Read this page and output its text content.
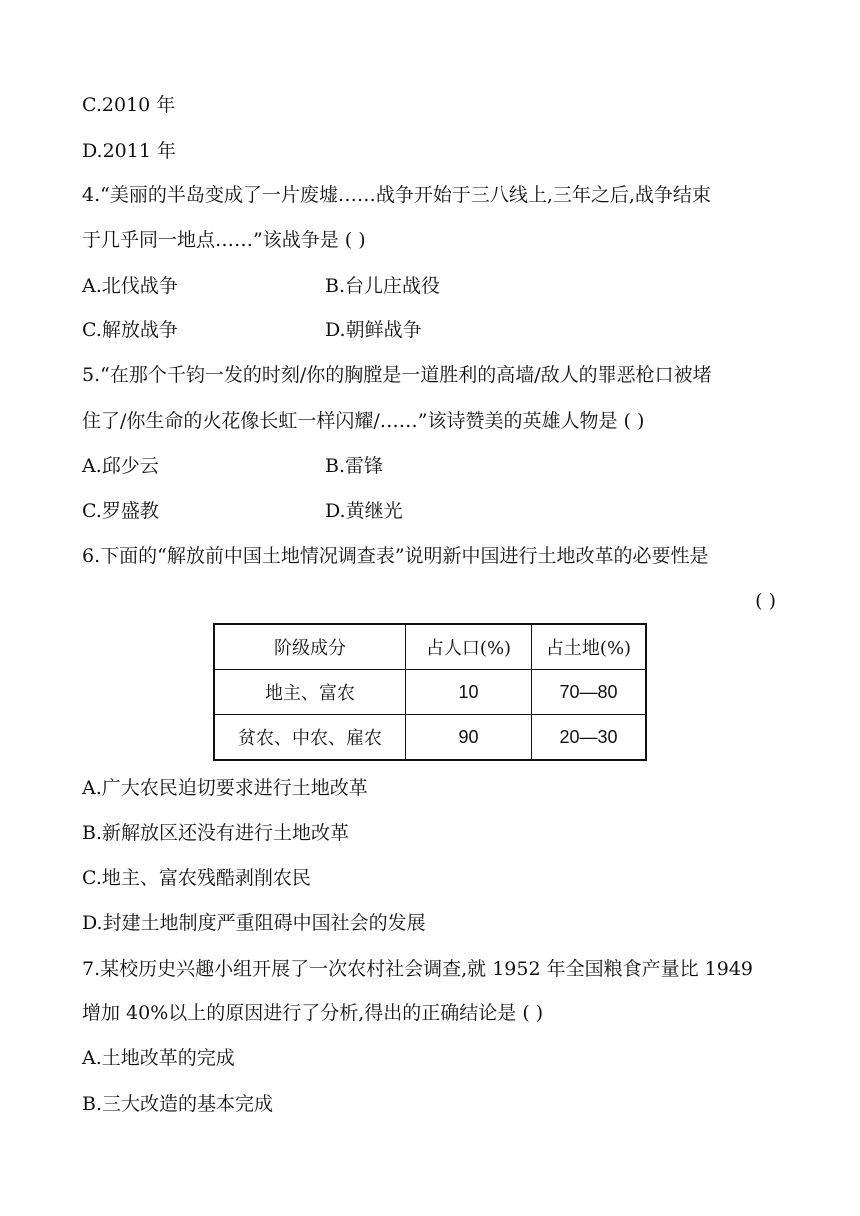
C.2010 年
D.2011 年
4.“美丽的半岛变成了一片废墟……战争开始于三八线上,三年之后,战争结束
于几乎同一地点……”该战争是 ( )
A.北伐战争	B.台儿庄战役
C.解放战争	D.朝鲜战争
5.“在那个千钧一发的时刻/你的胸膛是一道胜利的高墙/敌人的罪恶枪口被堵
住了/你生命的火花像长虹一样闪耀/……”该诗赞美的英雄人物是 ( )
A.邱少云	B.雷锋
C.罗盛教	D.黄继光
6.下面的“解放前中国土地情况调查表”说明新中国进行土地改革的必要性是
( )
阶级成分	占人口(%)	占土地(%)
地主、富农	10	70—80
贫农、中农、雇农	90	20—30
A.广大农民迫切要求进行土地改革
B.新解放区还没有进行土地改革
C.地主、富农残酷剥削农民
D.封建土地制度严重阻碍中国社会的发展
7.某校历史兴趣小组开展了一次农村社会调查,就 1952 年全国粮食产量比 1949
增加 40%以上的原因进行了分析,得出的正确结论是 ( )
A.土地改革的完成
B.三大改造的基本完成
